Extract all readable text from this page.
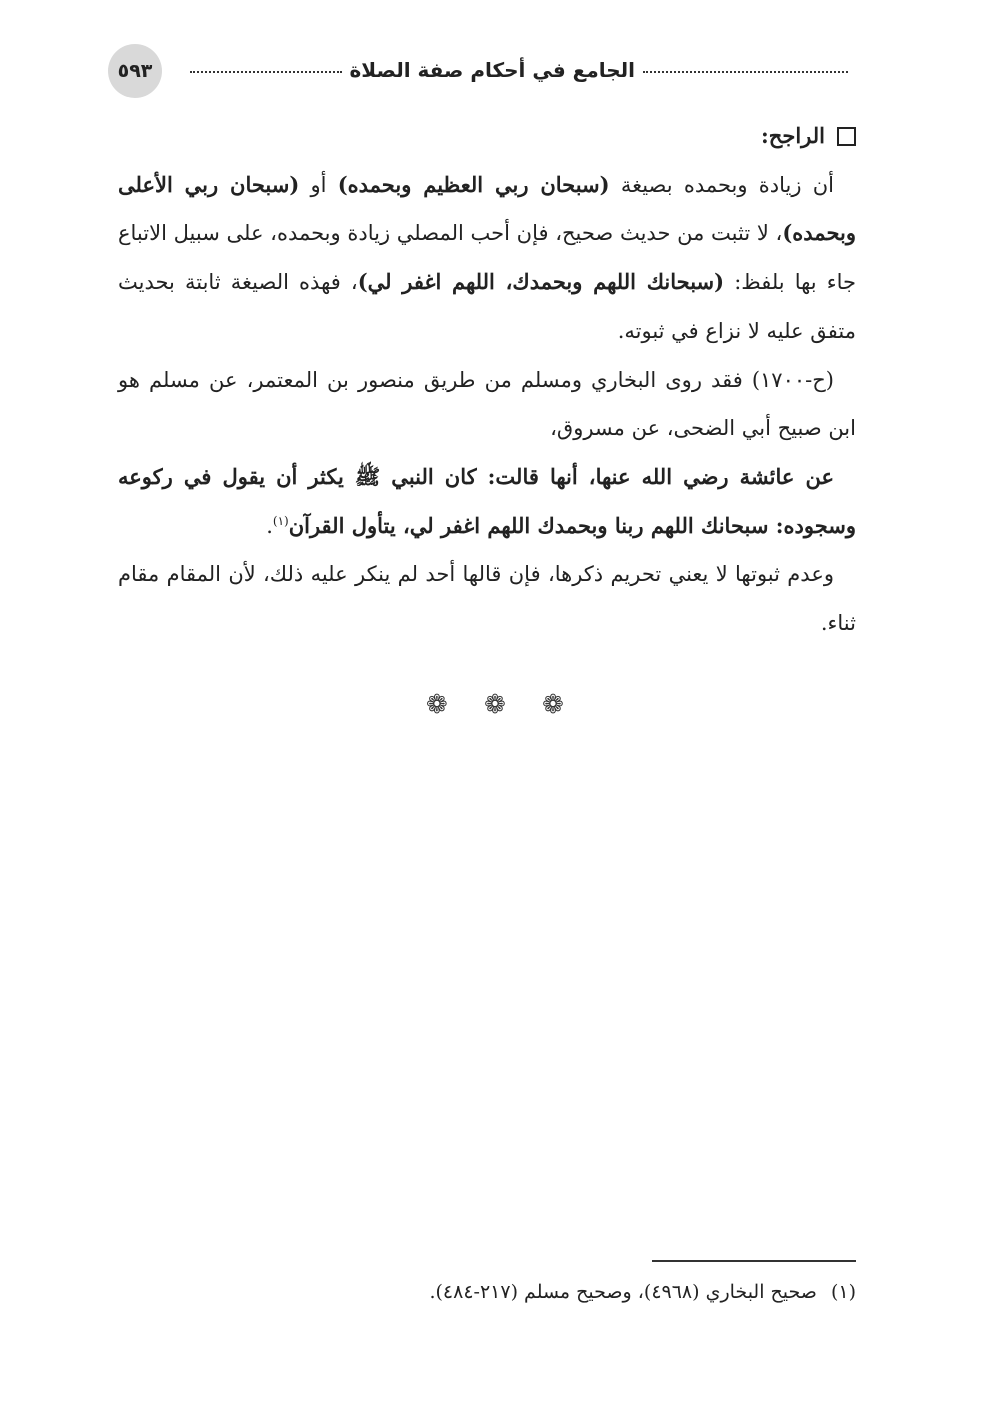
٥٩٣	الجامع في أحكام صفة الصلاة

الراجح:

أن زيادة وبحمده بصيغة (سبحان ربي العظيم وبحمده) أو (سبحان ربي الأعلى وبحمده)، لا تثبت من حديث صحيح، فإن أحب المصلي زيادة وبحمده، على سبيل الاتباع جاء بها بلفظ: (سبحانك اللهم وبحمدك، اللهم اغفر لي)، فهذه الصيغة ثابتة بحديث متفق عليه لا نزاع في ثبوته.

(ح-١٧٠٠) فقد روى البخاري ومسلم من طريق منصور بن المعتمر، عن مسلم هو ابن صبيح أبي الضحى، عن مسروق،

عن عائشة رضي الله عنها، أنها قالت: كان النبي ﷺ يكثر أن يقول في ركوعه وسجوده: سبحانك اللهم ربنا وبحمدك اللهم اغفر لي، يتأول القرآن$^{(١)}$.

وعدم ثبوتها لا يعني تحريم ذكرها، فإن قالها أحد لم ينكر عليه ذلك، لأن المقام مقام ثناء.

❁ ❁ ❁
(١)صحيح البخاري (٤٩٦٨)، وصحيح مسلم (٢١٧-٤٨٤).
